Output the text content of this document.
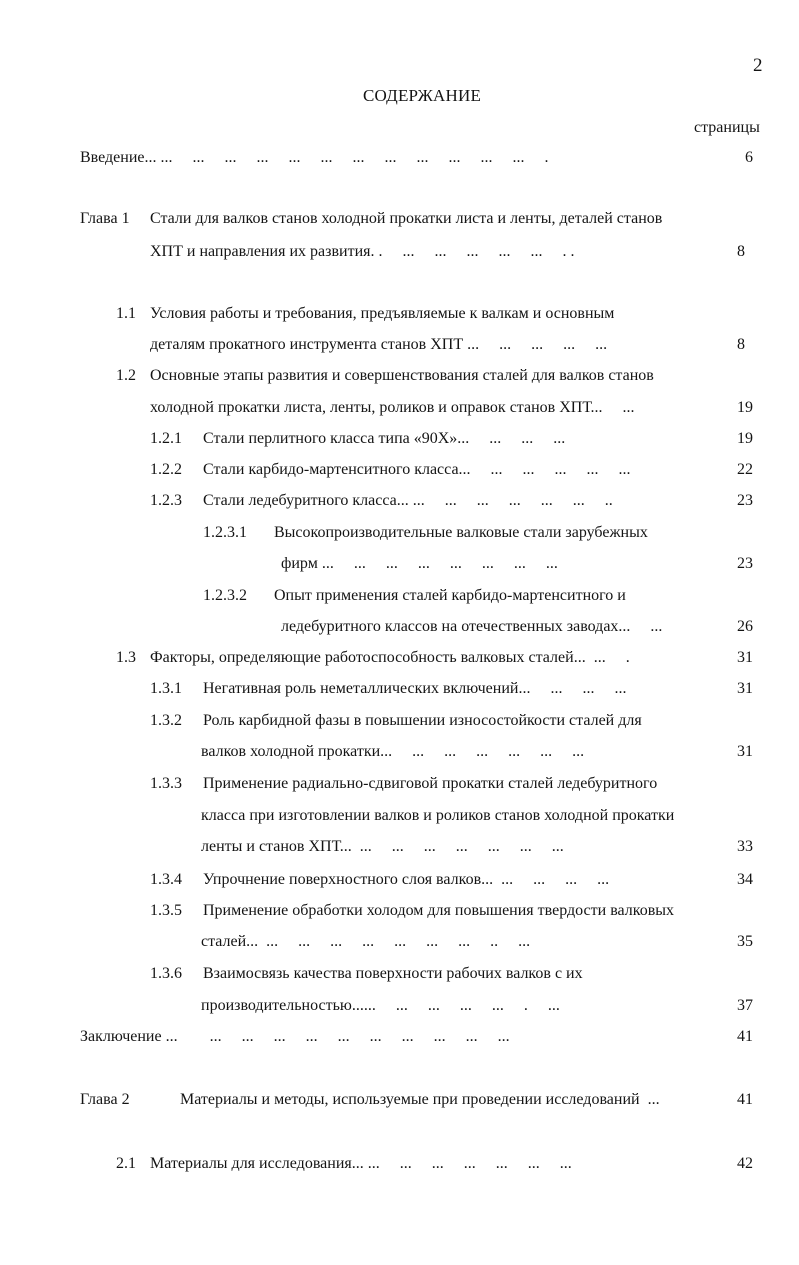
2
СОДЕРЖАНИЕ
страницы
Введение... ...     ...     ...     ...     ...     ...     ...     ...     ...     ...     ...     ...     .	6
Глава 1 Стали для валков станов холодной прокатки листа и ленты, деталей станов
ХПТ и направления их развития. .     ...     ...     ...     ...     ...     . .	8
1.1 Условия работы и требования, предъявляемые к валкам и основным
деталям прокатного инструмента станов ХПТ ...     ...     ...     ...     ...	8
1.2 Основные этапы развития и совершенствования сталей для валков станов
холодной прокатки листа, ленты, роликов и оправок станов ХПТ...     ...	19
1.2.1 Стали перлитного класса типа «90Х»...     ...     ...     ...	19
1.2.2 Стали карбидо-мартенситного класса...     ...     ...     ...     ...     ...	22
1.2.3 Стали ледебуритного класса... ...     ...     ...     ...     ...     ...     ..	23
1.2.3.1 Высокопроизводительные валковые стали зарубежных
фирм ...     ...     ...     ...     ...     ...     ...     ...	23
1.2.3.2 Опыт применения сталей карбидо-мартенситного и
ледебуритного классов на отечественных заводах...     ...	26
1.3 Факторы, определяющие работоспособность валковых сталей...  ...     .	31
1.3.1 Негативная роль неметаллических включений...     ...     ...     ...	31
1.3.2 Роль карбидной фазы в повышении износостойкости сталей для
валков холодной прокатки...     ...     ...     ...     ...     ...     ...	31
1.3.3 Применение радиально-сдвиговой прокатки сталей ледебуритного
класса при изготовлении валков и роликов станов холодной прокатки
ленты и станов ХПТ...  ...     ...     ...     ...     ...     ...     ...	33
1.3.4 Упрочнение поверхностного слоя валков...  ...     ...     ...     ...	34
1.3.5 Применение обработки холодом для повышения твердости валковых
сталей...  ...     ...     ...     ...     ...     ...     ...     ..     ...	35
1.3.6 Взаимосвязь качества поверхности рабочих валков с их
производительностью......     ...     ...     ...     ...     .     ...	37
Заключение ...        ...     ...     ...     ...     ...     ...     ...     ...     ...     ...	41
Глава 2	Материалы и методы, используемые при проведении исследований  ...	41
2.1 Материалы для исследования... ...     ...     ...     ...     ...     ...     ...	42
